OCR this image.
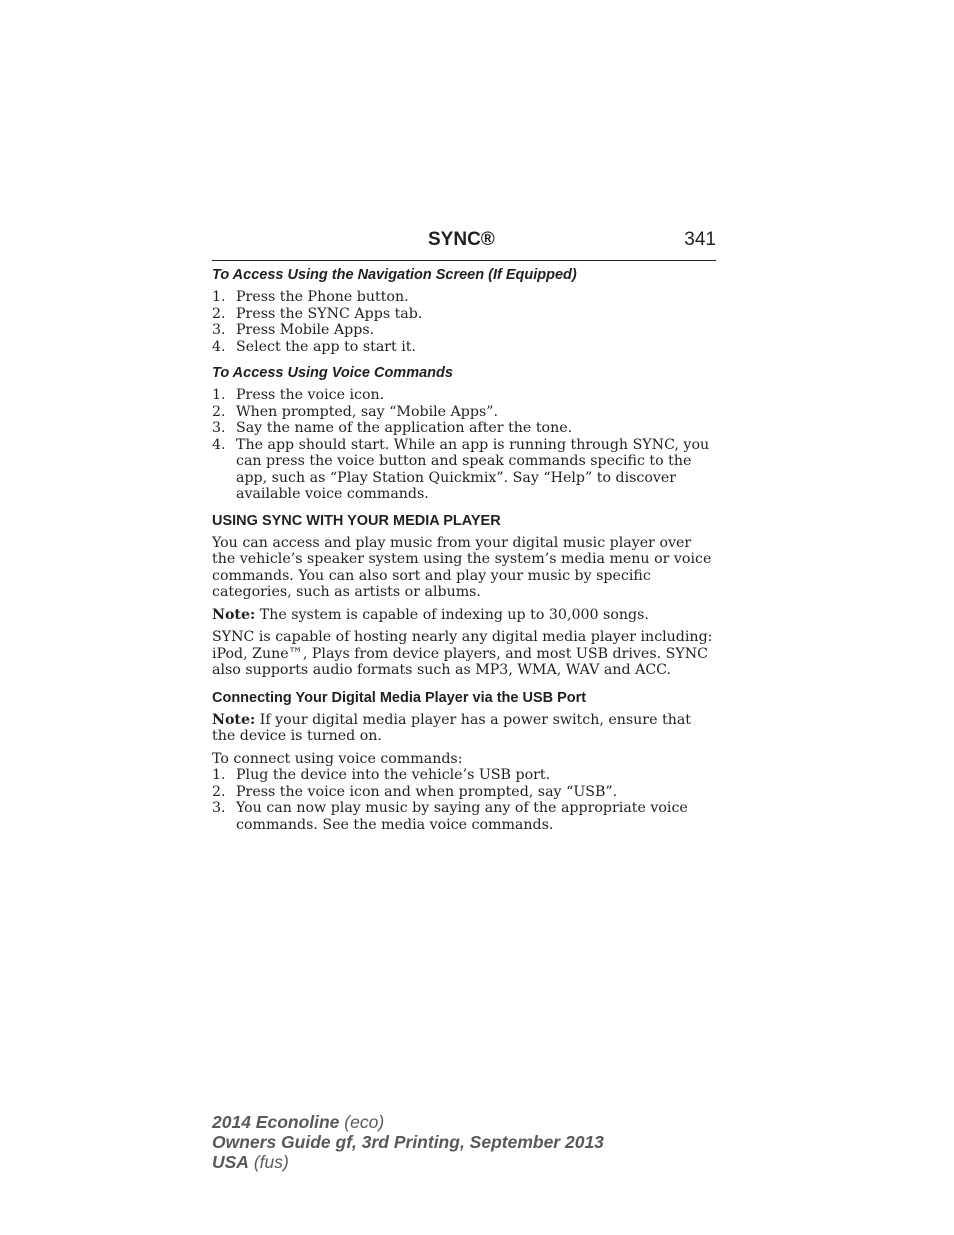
SYNC®	341
To Access Using the Navigation Screen (If Equipped)
1. Press the Phone button.
2. Press the SYNC Apps tab.
3. Press Mobile Apps.
4. Select the app to start it.
To Access Using Voice Commands
1. Press the voice icon.
2. When prompted, say “Mobile Apps”.
3. Say the name of the application after the tone.
4. The app should start. While an app is running through SYNC, you can press the voice button and speak commands specific to the app, such as “Play Station Quickmix”. Say “Help” to discover available voice commands.
USING SYNC WITH YOUR MEDIA PLAYER

You can access and play music from your digital music player over the vehicle’s speaker system using the system’s media menu or voice commands. You can also sort and play your music by specific categories, such as artists or albums.

Note: The system is capable of indexing up to 30,000 songs.

SYNC is capable of hosting nearly any digital media player including: iPod, Zune™, Plays from device players, and most USB drives. SYNC also supports audio formats such as MP3, WMA, WAV and ACC.

Connecting Your Digital Media Player via the USB Port

Note: If your digital media player has a power switch, ensure that the device is turned on.

To connect using voice commands:
1. Plug the device into the vehicle’s USB port.
2. Press the voice icon and when prompted, say “USB”.
3. You can now play music by saying any of the appropriate voice commands. See the media voice commands.
2014 Econoline (eco)
Owners Guide gf, 3rd Printing, September 2013
USA (fus)
